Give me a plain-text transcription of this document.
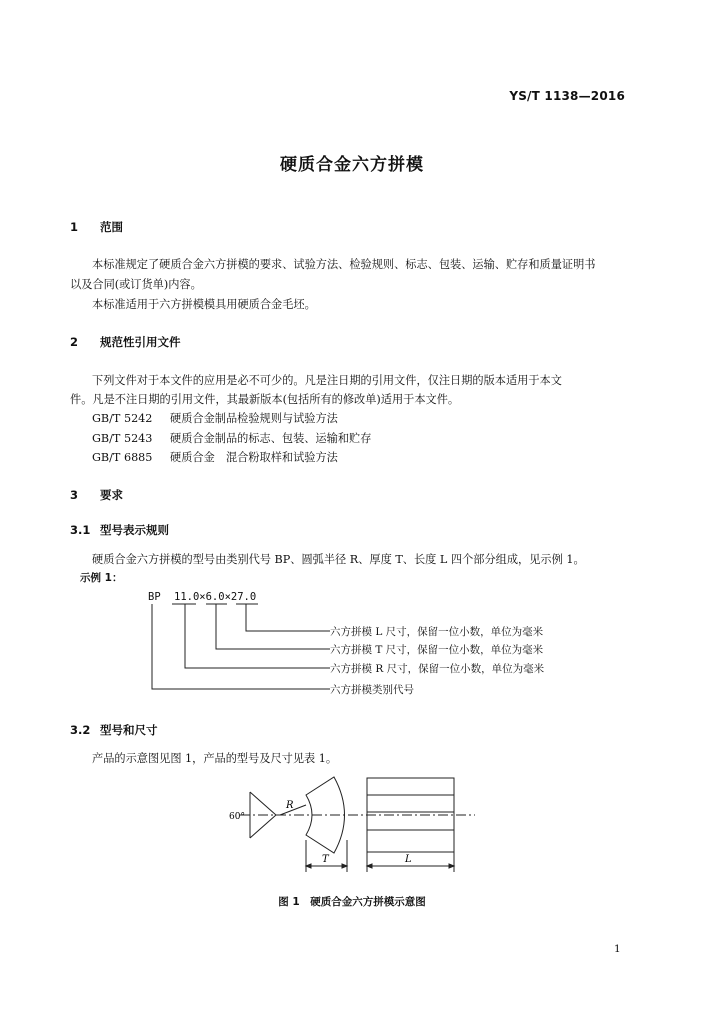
YS/T 1138—2016
硬质合金六方拼模
1 范围
本标准规定了硬质合金六方拼模的要求、试验方法、检验规则、标志、包装、运输、贮存和质量证明书
以及合同(或订货单)内容。
本标准适用于六方拼模模具用硬质合金毛坯。
2 规范性引用文件
下列文件对于本文件的应用是必不可少的。凡是注日期的引用文件，仅注日期的版本适用于本文
件。凡是不注日期的引用文件，其最新版本(包括所有的修改单)适用于本文件。
GB/T 5242 硬质合金制品检验规则与试验方法
GB/T 5243 硬质合金制品的标志、包装、运输和贮存
GB/T 6885 硬质合金　混合粉取样和试验方法
3 要求
3.1 型号表示规则
硬质合金六方拼模的型号由类别代号 BP、圆弧半径 R、厚度 T、长度 L 四个部分组成，见示例 1。
示例 1：
BP 11.0×6.0×27.0
六方拼模 L 尺寸，保留一位小数，单位为毫米
六方拼模 T 尺寸，保留一位小数，单位为毫米
六方拼模 R 尺寸，保留一位小数，单位为毫米
六方拼模类别代号
3.2 型号和尺寸
产品的示意图见图 1，产品的型号及尺寸见表 1。
60°
R
T	L
图 1　硬质合金六方拼模示意图
1
